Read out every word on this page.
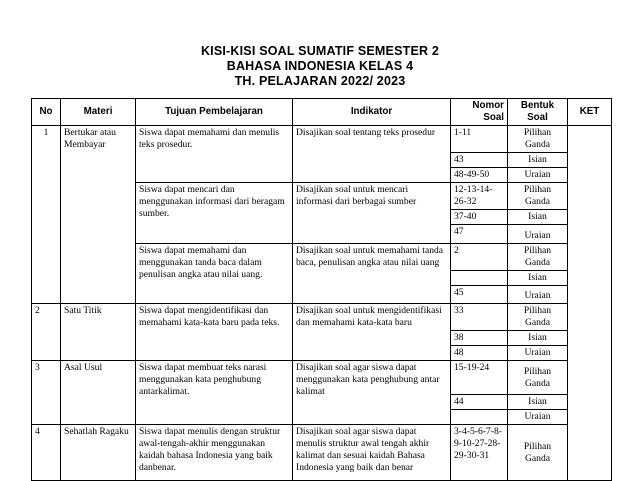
KISI-KISI SOAL SUMATIF SEMESTER 2
BAHASA INDONESIA KELAS 4
TH. PELAJARAN 2022/ 2023
No	Materi	Tujuan Pembelajaran	Indikator	Nomor Soal	Bentuk Soal	KET
1	Bertukar atau Membayar	Siswa dapat memahami dan menulis teks prosedur.	Disajikan soal tentang teks prosedur	1-11	Pilihan Ganda	
				43	Isian	
				48-49-50	Uraian	
		Siswa dapat mencari dan menggunakan informasi dari beragam sumber.	Disajikan soal untuk mencari informasi dari berbagai sumber	12-13-14-26-32	Pilihan Ganda	
				37-40	Isian	
				47	Uraian	
		Siswa dapat memahami dan menggunakan tanda baca dalam penulisan angka atau nilai uang.	Disajikan soal untuk memahami tanda baca, penulisan angka atau nilai uang	2	Pilihan Ganda	
					Isian	
				45	Uraian	
2	Satu Titik	Siswa dapat mengidentifikasi dan memahami kata-kata baru pada teks.	Disajikan soal untuk mengidentifikasi dan memahami kata-kata baru	33	Pilihan Ganda	
				38	Isian	
				48	Uraian	
3	Asal Usul	Siswa dapat membuat teks narasi menggunakan kata penghubung antarkalimat.	Disajikan soal agar siswa dapat menggunakan kata penghubung antar kalimat	15-19-24	Pilihan Ganda	
				44	Isian	
					Uraian	
4	Sehatlah Ragaku	Siswa dapat menulis dengan struktur awal-tengah-akhir menggunakan kaidah bahasa Indonesia yang baik danbenar.	Disajikan soal agar siswa dapat menulis struktur awal tengah akhir kalimat dan sesuai kaidah Bahasa Indonesia yang baik dan benar	3-4-5-6-7-8-9-10-27-28-29-30-31	Pilihan Ganda	
